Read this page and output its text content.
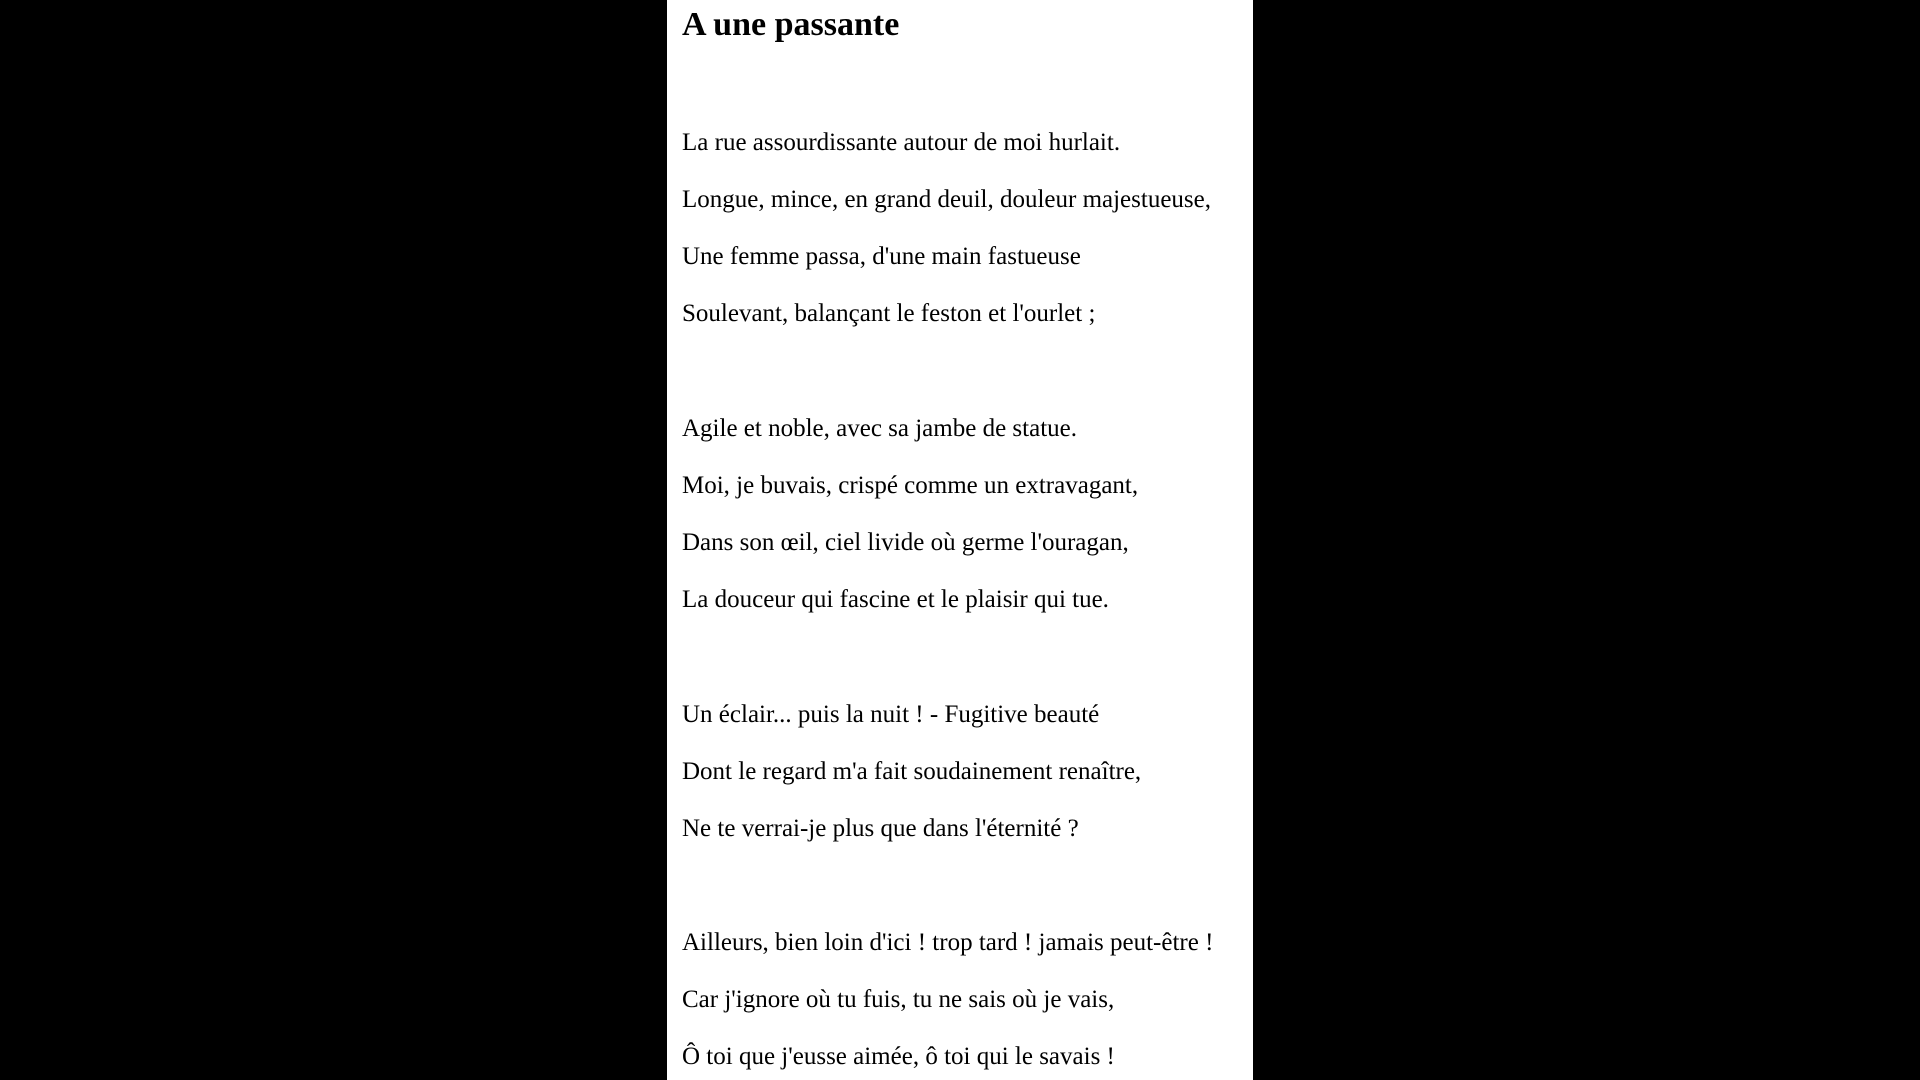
A une passante

La rue assourdissante autour de moi hurlait.

Longue, mince, en grand deuil, douleur majestueuse,

Une femme passa, d'une main fastueuse

Soulevant, balançant le feston et l'ourlet ;

Agile et noble, avec sa jambe de statue.

Moi, je buvais, crispé comme un extravagant,

Dans son œil, ciel livide où germe l'ouragan,

La douceur qui fascine et le plaisir qui tue.

Un éclair... puis la nuit ! - Fugitive beauté

Dont le regard m'a fait soudainement renaître,

Ne te verrai-je plus que dans l'éternité ?

Ailleurs, bien loin d'ici ! trop tard ! jamais peut-être !

Car j'ignore où tu fuis, tu ne sais où je vais,

Ô toi que j'eusse aimée, ô toi qui le savais !
